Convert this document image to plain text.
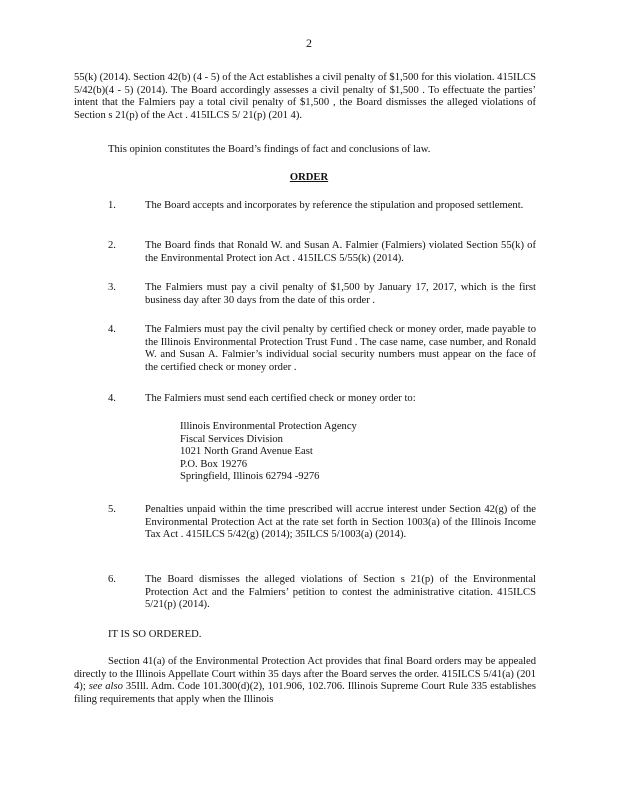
2

55(k) (2014). Section 42(b) (4 - 5) of the Act establishes a civil penalty of $1,500 for this violation. 415ILCS 5/42(b)(4 - 5) (2014). The Board accordingly assesses a civil penalty of $1,500 . To effectuate the parties’ intent that the Falmiers pay a total civil penalty of $1,500 , the Board dismisses the alleged violations of Section s 21(p) of the Act . 415ILCS 5/ 21(p) (201 4).

This opinion constitutes the Board’s findings of fact and conclusions of law.

ORDER
1.	The Board accepts and incorporates by reference the stipulation and proposed settlement.
2.	The Board finds that Ronald W. and Susan A. Falmier (Falmiers) violated Section 55(k) of the Environmental Protect ion Act . 415ILCS 5/55(k) (2014).
3.	The Falmiers must pay a civil penalty of $1,500 by January 17, 2017, which is the first business day after 30 days from the date of this order .
4.	The Falmiers must pay the civil penalty by certified check or money order, made payable to the Illinois Environmental Protection Trust Fund . The case name, case number, and Ronald W. and Susan A. Falmier’s individual social security numbers must appear on the face of the certified check or money order .
4.	The Falmiers must send each certified check or money order to:
Illinois Environmental Protection Agency
Fiscal Services Division
1021 North Grand Avenue East
P.O. Box 19276
Springfield, Illinois 62794 -9276
5.	Penalties unpaid within the time prescribed will accrue interest under Section 42(g) of the Environmental Protection Act at the rate set forth in Section 1003(a) of the Illinois Income Tax Act . 415ILCS 5/42(g) (2014); 35ILCS 5/1003(a) (2014).
6.	The Board dismisses the alleged violations of Section s 21(p) of the Environmental Protection Act and the Falmiers’ petition to contest the administrative citation. 415ILCS 5/21(p) (2014).
IT IS SO ORDERED.

Section 41(a) of the Environmental Protection Act provides that final Board orders may be appealed directly to the Illinois Appellate Court within 35 days after the Board serves the order. 415ILCS 5/41(a) (201 4); see also 35Ill. Adm. Code 101.300(d)(2), 101.906, 102.706. Illinois Supreme Court Rule 335 establishes filing requirements that apply when the Illinois
